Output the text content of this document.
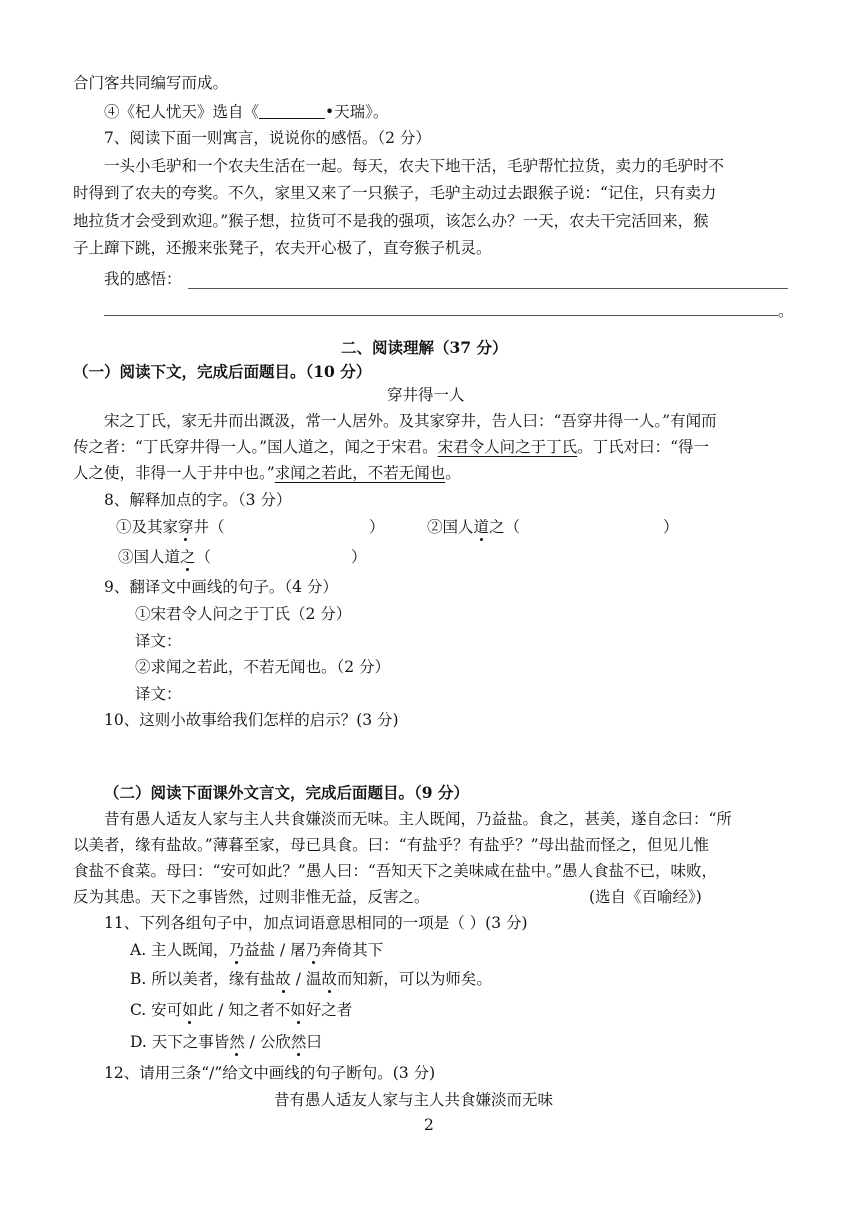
合门客共同编写而成。
④《杞人忧天》选自《	•天瑞》。
7、阅读下面一则寓言，说说你的感悟。（2 分）
一头小毛驴和一个农夫生活在一起。每天，农夫下地干活，毛驴帮忙拉货，卖力的毛驴时不
时得到了农夫的夸奖。不久，家里又来了一只猴子，毛驴主动过去跟猴子说：“记住，只有卖力
地拉货才会受到欢迎。”猴子想，拉货可不是我的强项，该怎么办？一天，农夫干完活回来，猴
子上蹿下跳，还搬来张凳子，农夫开心极了，直夸猴子机灵。
我的感悟：
。
二、阅读理解（37 分）
（一）阅读下文，完成后面题目。（10 分）
穿井得一人
宋之丁氏，家无井而出溉汲，常一人居外。及其家穿井，告人曰：“吾穿井得一人。”有闻而
传之者：“丁氏穿井得一人。”国人道之，闻之于宋君。宋君令人问之于丁氏。丁氏对曰：“得一
人之使，非得一人于井中也。”求闻之若此，不若无闻也。
8、解释加点的字。（3 分）
①及其家穿井（	）	②国人道之（	）
③国人道之（	）
9、翻译文中画线的句子。（4 分）
①宋君令人问之于丁氏（2 分）
译文：
②求闻之若此，不若无闻也。（2 分）
译文：
10、这则小故事给我们怎样的启示？(3 分)
（二）阅读下面课外文言文，完成后面题目。（9 分）
昔有愚人适友人家与主人共食嫌淡而无味。主人既闻，乃益盐。食之，甚美，遂自念曰：“所
以美者，缘有盐故。”薄暮至家，母已具食。曰：“有盐乎？有盐乎？”母出盐而怪之，但见儿惟
食盐不食菜。母曰：“安可如此？”愚人曰：“吾知天下之美味咸在盐中。”愚人食盐不已，味败，
反为其患。天下之事皆然，过则非惟无益，反害之。	(选自《百喻经》)
11、下列各组句子中，加点词语意思相同的一项是（ ）(3 分)
A. 主人既闻，乃益盐 / 屠乃奔倚其下
B. 所以美者，缘有盐故 / 温故而知新，可以为师矣。
C. 安可如此 / 知之者不如好之者
D. 天下之事皆然 / 公欣然曰
12、请用三条“/”给文中画线的句子断句。(3 分)
昔有愚人适友人家与主人共食嫌淡而无味
2
